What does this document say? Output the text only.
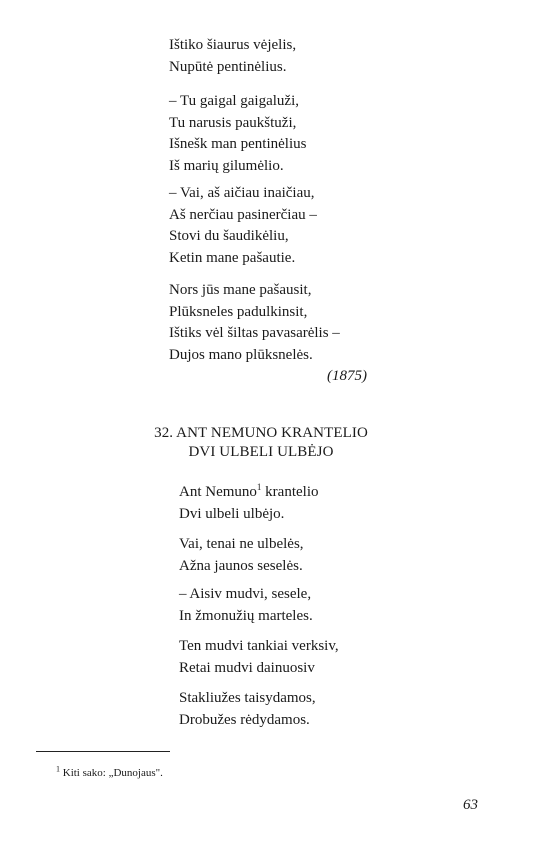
Ištiko šiaurus vėjelis,
Nupūtė pentinėlius.
– Tu gaigal gaigaluži,
Tu narusis paukštuži,
Išnešk man pentinėlius
Iš marių gilumėlio.
– Vai, aš aičiau inaičiau,
Aš nerčiau pasinerčiau –
Stovi du šaudikėliu,
Ketin mane pašautie.
Nors jūs mane pašausit,
Plūksneles padulkinsit,
Ištiks vėl šiltas pavasarėlis –
Dujos mano plūksnelės.
(1875)
32. ANT NEMUNO KRANTELIO
DVI ULBELI ULBĖJO
Ant Nemuno$^1$ krantelio
Dvi ulbeli ulbėjo.
Vai, tenai ne ulbelės,
Ažna jaunos seselės.
– Aisiv mudvi, sesele,
In žmonužių marteles.
Ten mudvi tankiai verksiv,
Retai mudvi dainuosiv
Stakliužes taisydamos,
Drobužes rėdydamos.
$^1$ Kiti sako: „Dunojaus".
63
